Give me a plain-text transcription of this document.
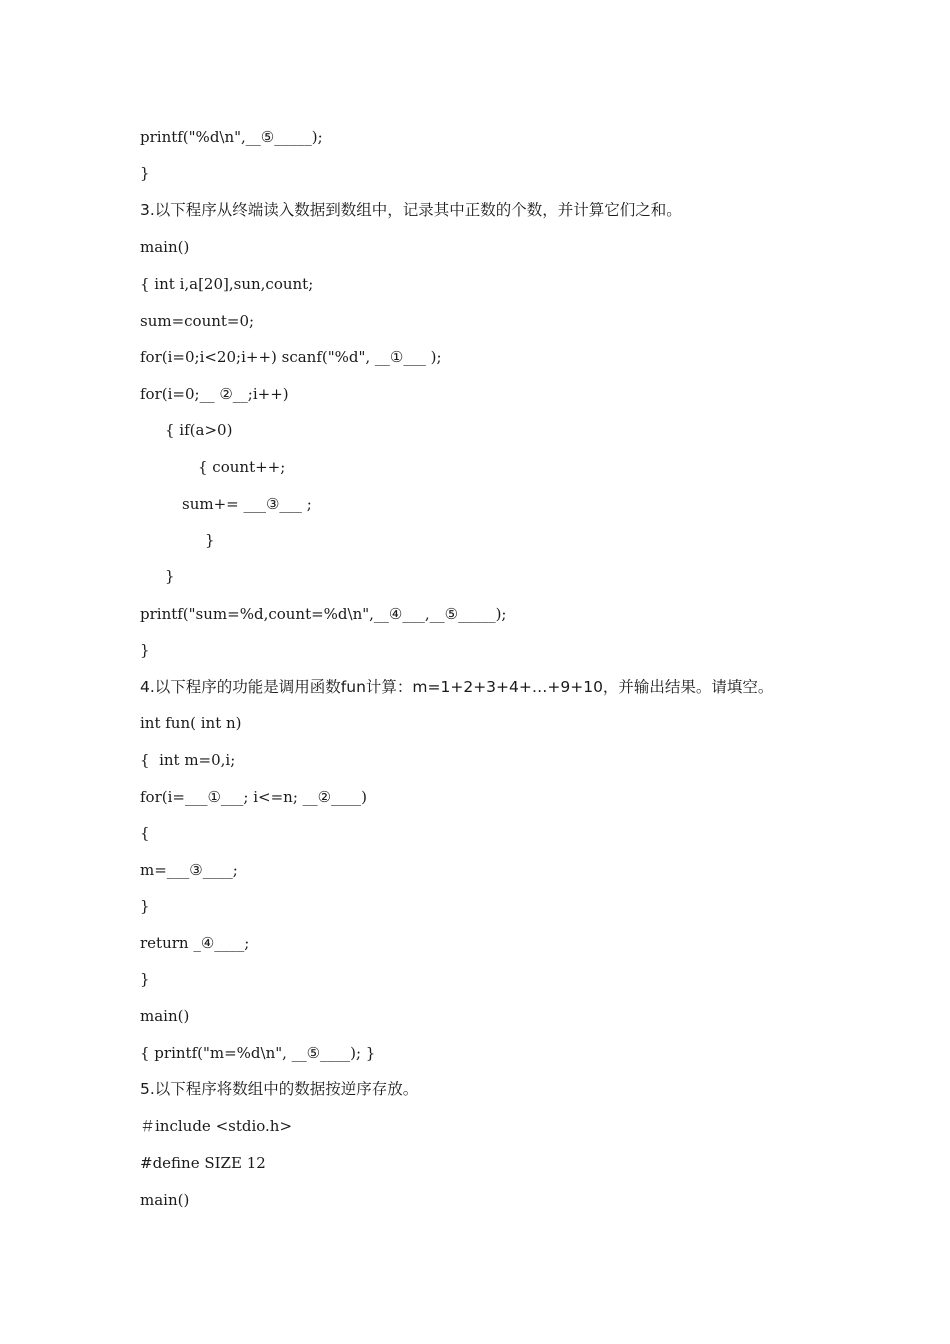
printf("%d\n",__⑤_____);
}
3.以下程序从终端读入数据到数组中，记录其中正数的个数，并计算它们之和。
main()
{ int i,a[20],sun,count;
sum=count=0;
for(i=0;i<20;i++) scanf("%d", __①___ );
for(i=0;__ ②__;i++)
{ if(a>0)
{ count++;
sum+= ___③___ ;
}
}
printf("sum=%d,count=%d\n",__④___,__⑤_____);
}
4.以下程序的功能是调用函数fun计算：m=1+2+3+4+…+9+10，并输出结果。请填空。
int fun( int n)
{  int m=0,i;
for(i=___①___; i<=n; __②____)
{
m=___③____;
}
return _④____;
}
main()
{ printf("m=%d\n", __⑤____); }
5.以下程序将数组中的数据按逆序存放。
＃include <stdio.h>
#define SIZE 12
main()
